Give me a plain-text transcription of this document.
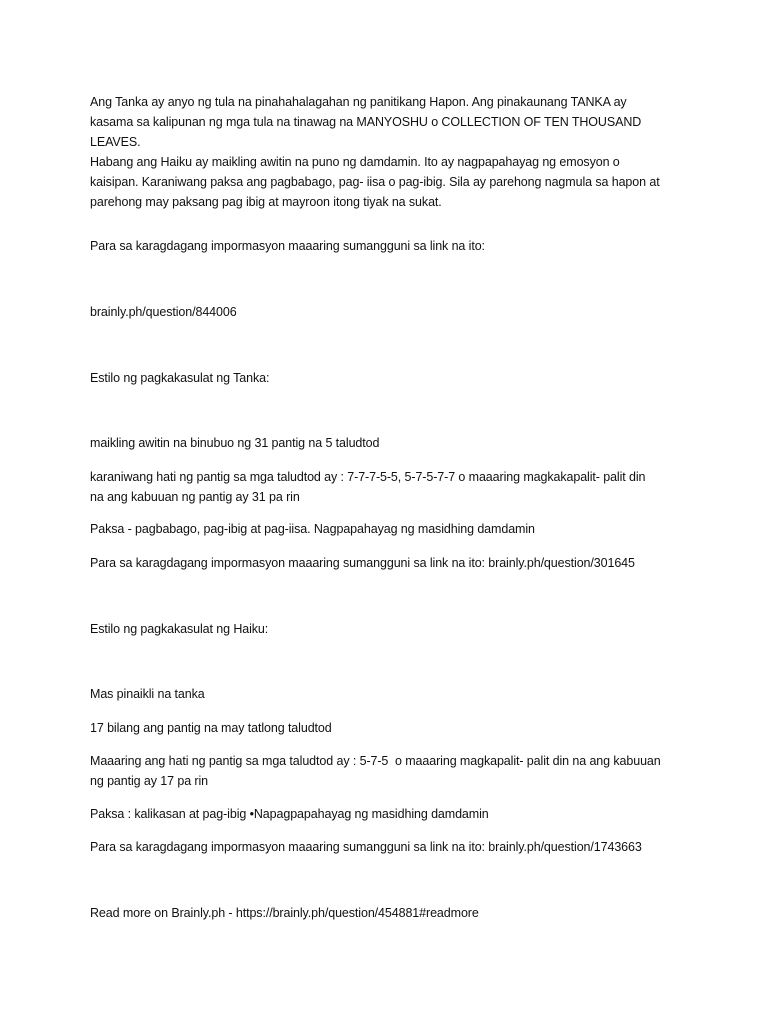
Ang Tanka ay anyo ng tula na pinahahalagahan ng panitikang Hapon. Ang pinakaunang TANKA ay
kasama sa kalipunan ng mga tula na tinawag na MANYOSHU o COLLECTION OF TEN THOUSAND LEAVES.
Habang ang Haiku ay maikling awitin na puno ng damdamin. Ito ay nagpapahayag ng emosyon o
kaisipan. Karaniwang paksa ang pagbabago, pag- iisa o pag-ibig. Sila ay parehong nagmula sa hapon at
parehong may paksang pag ibig at mayroon itong tiyak na sukat.

Para sa karagdagang impormasyon maaaring sumangguni sa link na ito:

brainly.ph/question/844006

Estilo ng pagkakasulat ng Tanka:

maikling awitin na binubuo ng 31 pantig na 5 taludtod

karaniwang hati ng pantig sa mga taludtod ay : 7-7-7-5-5, 5-7-5-7-7 o maaaring magkakapalit- palit din
na ang kabuuan ng pantig ay 31 pa rin

Paksa - pagbabago, pag-ibig at pag-iisa. Nagpapahayag ng masidhing damdamin

Para sa karagdagang impormasyon maaaring sumangguni sa link na ito: brainly.ph/question/301645

Estilo ng pagkakasulat ng Haiku:

Mas pinaikli na tanka

17 bilang ang pantig na may tatlong taludtod

Maaaring ang hati ng pantig sa mga taludtod ay : 5-7-5  o maaaring magkapalit- palit din na ang kabuuan
ng pantig ay 17 pa rin

Paksa : kalikasan at pag-ibig •Napagpapahayag ng masidhing damdamin

Para sa karagdagang impormasyon maaaring sumangguni sa link na ito: brainly.ph/question/1743663

Read more on Brainly.ph - https://brainly.ph/question/454881#readmore
